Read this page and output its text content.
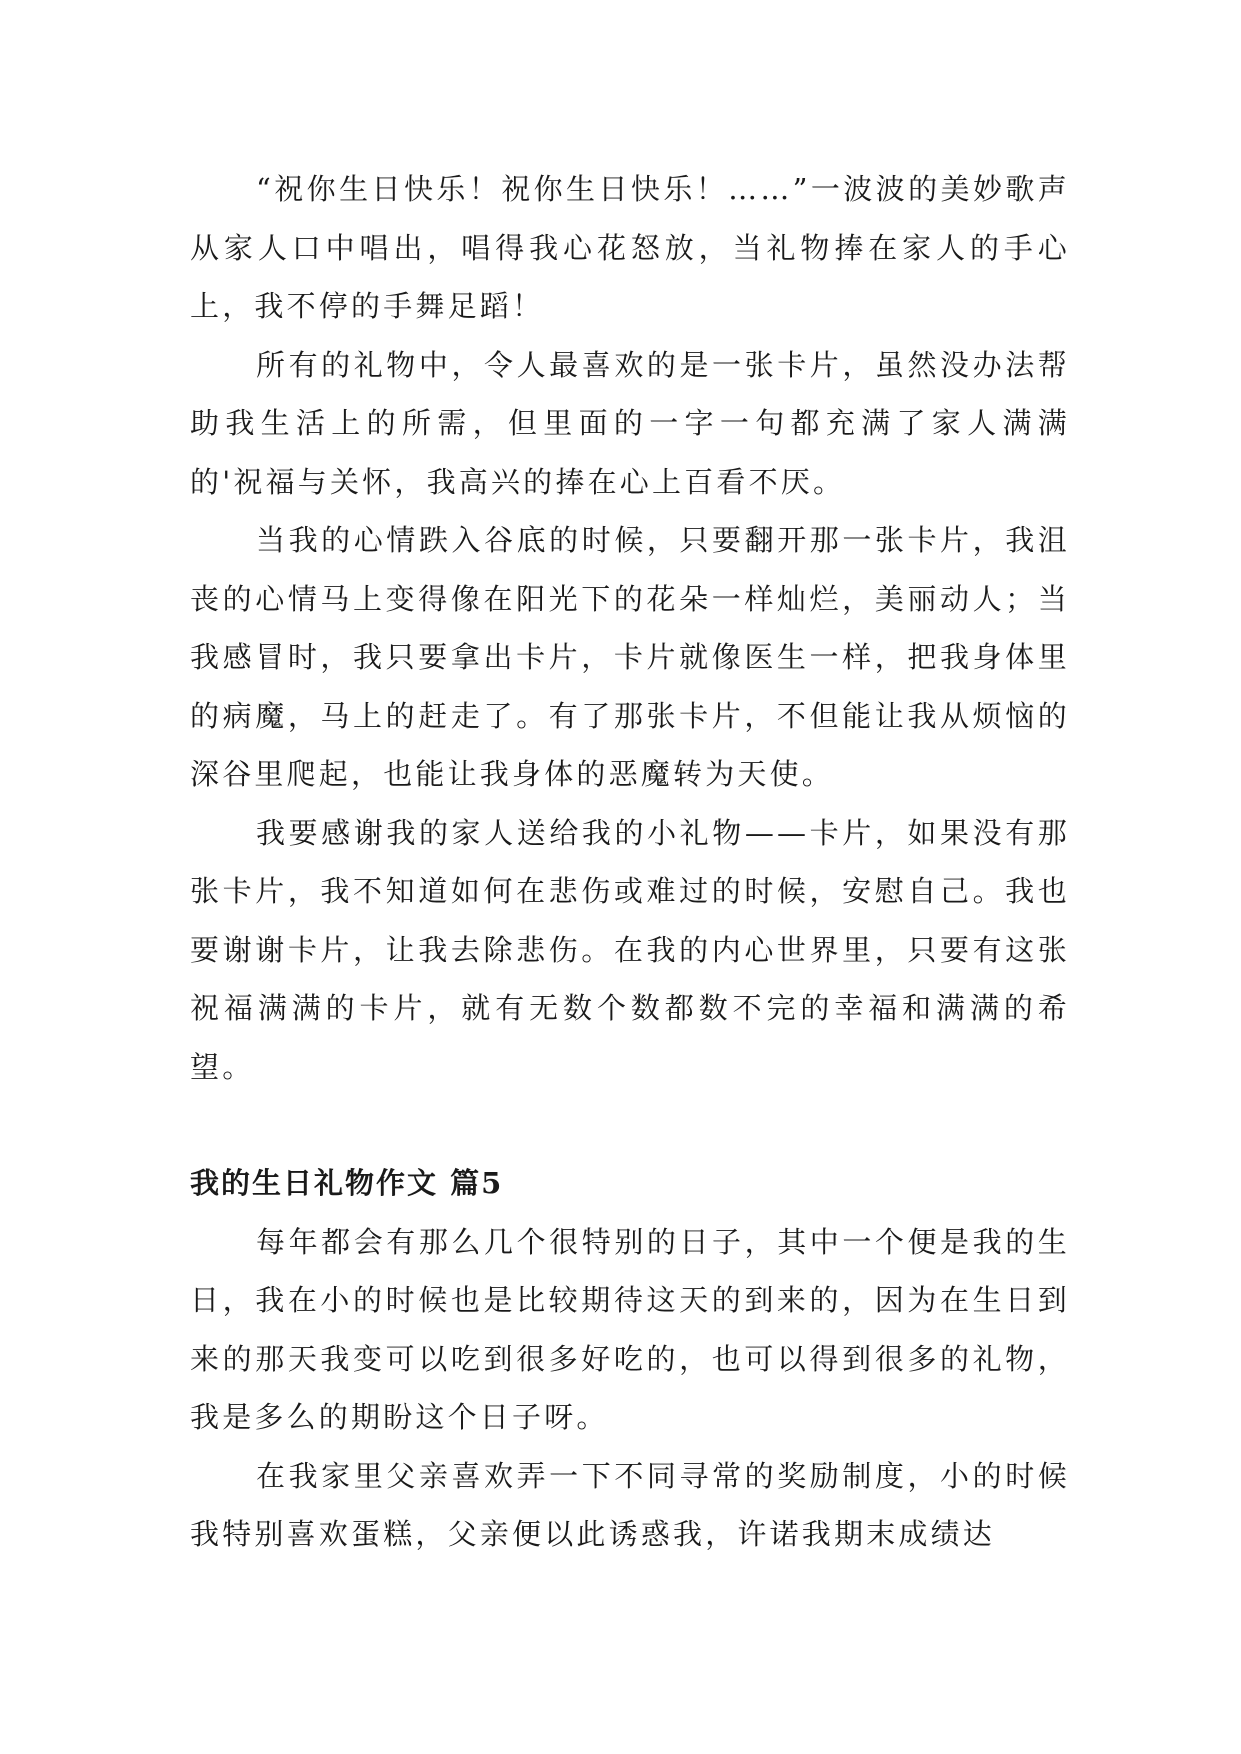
“祝你生日快乐！祝你生日快乐！……”一波波的美妙歌声从家人口中唱出，唱得我心花怒放，当礼物捧在家人的手心上，我不停的手舞足蹈！

所有的礼物中，令人最喜欢的是一张卡片，虽然没办法帮助我生活上的所需，但里面的一字一句都充满了家人满满的'祝福与关怀，我高兴的捧在心上百看不厌。

当我的心情跌入谷底的时候，只要翻开那一张卡片，我沮丧的心情马上变得像在阳光下的花朵一样灿烂，美丽动人；当我感冒时，我只要拿出卡片，卡片就像医生一样，把我身体里的病魔，马上的赶走了。有了那张卡片，不但能让我从烦恼的深谷里爬起，也能让我身体的恶魔转为天使。

我要感谢我的家人送给我的小礼物——卡片，如果没有那张卡片，我不知道如何在悲伤或难过的时候，安慰自己。我也要谢谢卡片，让我去除悲伤。在我的内心世界里，只要有这张祝福满满的卡片，就有无数个数都数不完的幸福和满满的希望。

我的生日礼物作文 篇5

每年都会有那么几个很特别的日子，其中一个便是我的生日，我在小的时候也是比较期待这天的到来的，因为在生日到来的那天我变可以吃到很多好吃的，也可以得到很多的礼物，我是多么的期盼这个日子呀。

在我家里父亲喜欢弄一下不同寻常的奖励制度，小的时候我特别喜欢蛋糕，父亲便以此诱惑我，许诺我期末成绩达
